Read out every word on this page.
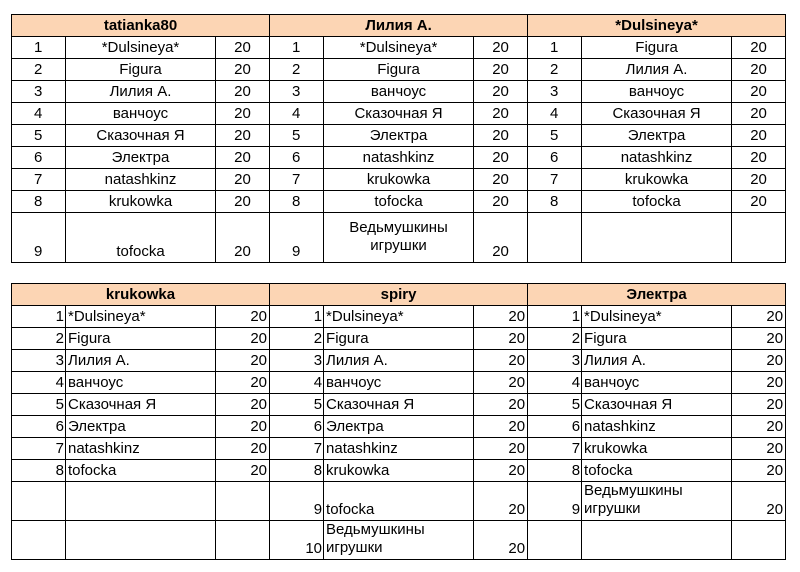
tatianka80			Лилия А.			*Dulsineya*		
1	*Dulsineya*	20	1	*Dulsineya*	20	1	Figura	20
2	Figura	20	2	Figura	20	2	Лилия А.	20
3	Лилия А.	20	3	ванчоус	20	3	ванчоус	20
4	ванчоус	20	4	Сказочная Я	20	4	Сказочная Я	20
5	Сказочная Я	20	5	Электра	20	5	Электра	20
6	Электра	20	6	natashkinz	20	6	natashkinz	20
7	natashkinz	20	7	krukowka	20	7	krukowka	20
8	krukowka	20	8	tofocka	20	8	tofocka	20
9	tofocka	20	9	Ведьмушкины игрушки	20			
krukowka			spiry			Электра		
1	*Dulsineya*	20	1	*Dulsineya*	20	1	*Dulsineya*	20
2	Figura	20	2	Figura	20	2	Figura	20
3	Лилия А.	20	3	Лилия А.	20	3	Лилия А.	20
4	ванчоус	20	4	ванчоус	20	4	ванчоус	20
5	Сказочная Я	20	5	Сказочная Я	20	5	Сказочная Я	20
6	Электра	20	6	Электра	20	6	natashkinz	20
7	natashkinz	20	7	natashkinz	20	7	krukowka	20
8	tofocka	20	8	krukowka	20	8	tofocka	20
			9	tofocka	20	9	Ведьмушкины игрушки	20
			10	Ведьмушкины игрушки	20			
